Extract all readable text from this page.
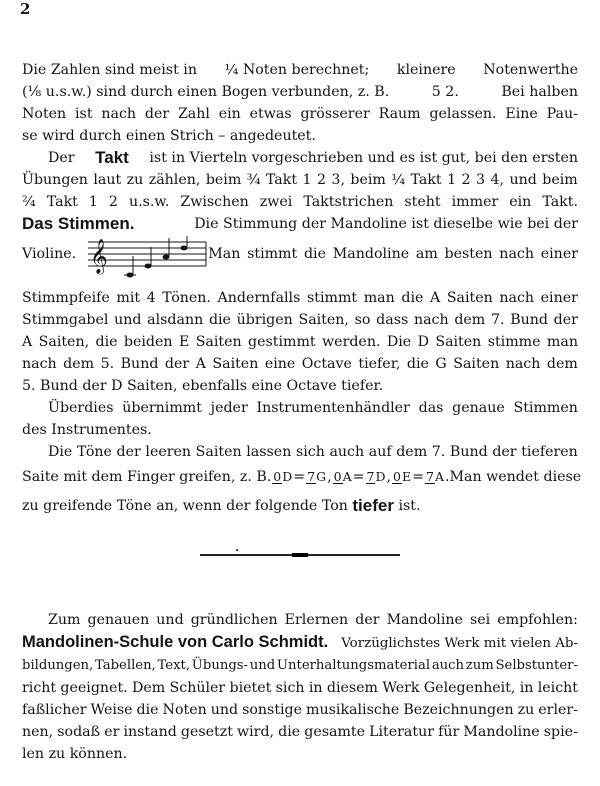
2
Die Zahlen sind meist in ¼ Noten berechnet; kleinere Notenwerthe
(⅛ u.s.w.) sind durch einen Bogen verbunden, z. B.	5 2.	Bei halben
Noten ist nach der Zahl ein etwas grösserer Raum gelassen. Eine Pau-
se wird durch einen Strich – angedeutet.
Der Takt ist in Vierteln vorgeschrieben und es ist gut, bei den ersten
Übungen laut zu zählen, beim ¾ Takt 1 2 3, beim ¼ Takt 1 2 3 4, und beim
²⁄₄ Takt 1 2 u.s.w. Zwischen zwei Taktstrichen steht immer ein Takt.
Das Stimmen.	Die Stimmung der Mandoline ist dieselbe wie bei der
Violine.	Man stimmt die Mandoline am besten nach einer
𝄞
Stimmpfeife mit 4 Tönen. Andernfalls stimmt man die A Saiten nach einer
Stimmgabel und alsdann die übrigen Saiten, so dass nach dem 7. Bund der
A Saiten, die beiden E Saiten gestimmt werden. Die D Saiten stimme man
nach dem 5. Bund der A Saiten eine Octave tiefer, die G Saiten nach dem
5. Bund der D Saiten, ebenfalls eine Octave tiefer.
Überdies übernimmt jeder Instrumentenhändler das genaue Stimmen
des Instrumentes.
Die Töne der leeren Saiten lassen sich auch auf dem 7. Bund der tieferen
Saite mit dem Finger greifen, z. B. 0D= 7G, 0A= 7D, 0E= 7A. Man wendet diese
zu greifende Töne an, wenn der folgende Ton
tiefer
ist.
Zum genauen und gründlichen Erlernen der Mandoline sei empfohlen:
Mandolinen-Schule von Carlo Schmidt. Vorzüglichstes Werk mit vielen Ab-
bildungen, Tabellen, Text, Übungs- und Unterhaltungsmaterial auch zum Selbstunter-
richt geeignet. Dem Schüler bietet sich in diesem Werk Gelegenheit, in leicht
faßlicher Weise die Noten und sonstige musikalische Bezeichnungen zu erler-
nen, sodaß er instand gesetzt wird, die gesamte Literatur für Mandoline spie-
len zu können.
